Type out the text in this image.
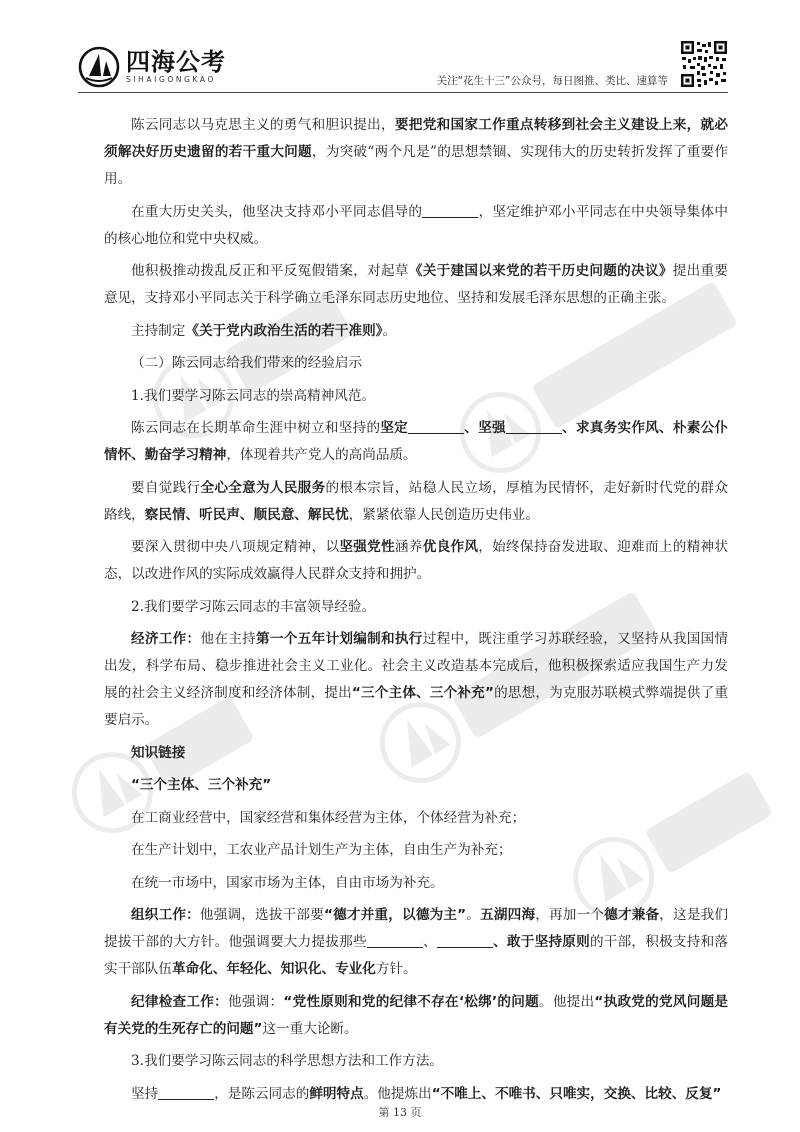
四海公考
SIHAIGONGKAO	关注“花生十三”公众号，每日图推、类比、速算等

陈云同志以马克思主义的勇气和胆识提出，要把党和国家工作重点转移到社会主义建设上来，就必须解决好历史遗留的若干重大问题，为突破“两个凡是”的思想禁锢、实现伟大的历史转折发挥了重要作用。

在重大历史关头，他坚决支持邓小平同志倡导的	，坚定维护邓小平同志在中央领导集体中的核心地位和党中央权威。

他积极推动拨乱反正和平反冤假错案，对起草《关于建国以来党的若干历史问题的决议》提出重要意见，支持邓小平同志关于科学确立毛泽东同志历史地位、坚持和发展毛泽东思想的正确主张。

主持制定《关于党内政治生活的若干准则》。

（二）陈云同志给我们带来的经验启示

1.我们要学习陈云同志的崇高精神风范。

陈云同志在长期革命生涯中树立和坚持的坚定	、坚强	、求真务实作风、朴素公仆情怀、勤奋学习精神，体现着共产党人的高尚品质。

要自觉践行全心全意为人民服务的根本宗旨，站稳人民立场，厚植为民情怀，走好新时代党的群众路线，察民情、听民声、顺民意、解民忧，紧紧依靠人民创造历史伟业。

要深入贯彻中央八项规定精神，以坚强党性涵养优良作风，始终保持奋发进取、迎难而上的精神状态，以改进作风的实际成效赢得人民群众支持和拥护。

2.我们要学习陈云同志的丰富领导经验。

经济工作：他在主持第一个五年计划编制和执行过程中，既注重学习苏联经验，又坚持从我国国情出发，科学布局、稳步推进社会主义工业化。社会主义改造基本完成后，他积极探索适应我国生产力发展的社会主义经济制度和经济体制，提出“三个主体、三个补充”的思想，为克服苏联模式弊端提供了重要启示。

知识链接

“三个主体、三个补充”

在工商业经营中，国家经营和集体经营为主体，个体经营为补充；

在生产计划中，工农业产品计划生产为主体，自由生产为补充；

在统一市场中，国家市场为主体，自由市场为补充。

组织工作：他强调，选拔干部要“德才并重，以德为主”。五湖四海，再加一个德才兼备，这是我们提拔干部的大方针。他强调要大力提拔那些	、	、敢于坚持原则的干部，积极支持和落实干部队伍革命化、年轻化、知识化、专业化方针。

纪律检查工作：他强调：“党性原则和党的纪律不存在‘松绑’的问题。他提出“执政党的党风问题是有关党的生死存亡的问题”这一重大论断。

3.我们要学习陈云同志的科学思想方法和工作方法。

坚持	，是陈云同志的鲜明特点。他提炼出“不唯上、不唯书、只唯实，交换、比较、反复”

第 13 页
